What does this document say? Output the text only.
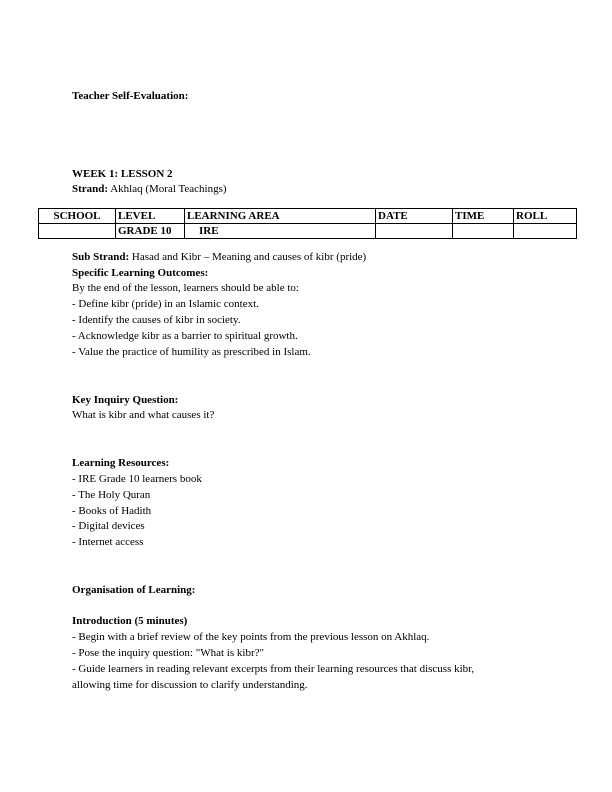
Teacher Self-Evaluation:
WEEK 1: LESSON 2
Strand: Akhlaq (Moral Teachings)
SCHOOL	LEVEL	LEARNING AREA	DATE	TIME	ROLL
	GRADE 10	IRE			
Sub Strand: Hasad and Kibr – Meaning and causes of kibr (pride)
Specific Learning Outcomes:
By the end of the lesson, learners should be able to:
- Define kibr (pride) in an Islamic context.
- Identify the causes of kibr in society.
- Acknowledge kibr as a barrier to spiritual growth.
- Value the practice of humility as prescribed in Islam.
Key Inquiry Question:
What is kibr and what causes it?
Learning Resources:
- IRE Grade 10 learners book
- The Holy Quran
- Books of Hadith
- Digital devices
- Internet access
Organisation of Learning:
Introduction (5 minutes)
- Begin with a brief review of the key points from the previous lesson on Akhlaq.
- Pose the inquiry question: "What is kibr?"
- Guide learners in reading relevant excerpts from their learning resources that discuss kibr,
allowing time for discussion to clarify understanding.
